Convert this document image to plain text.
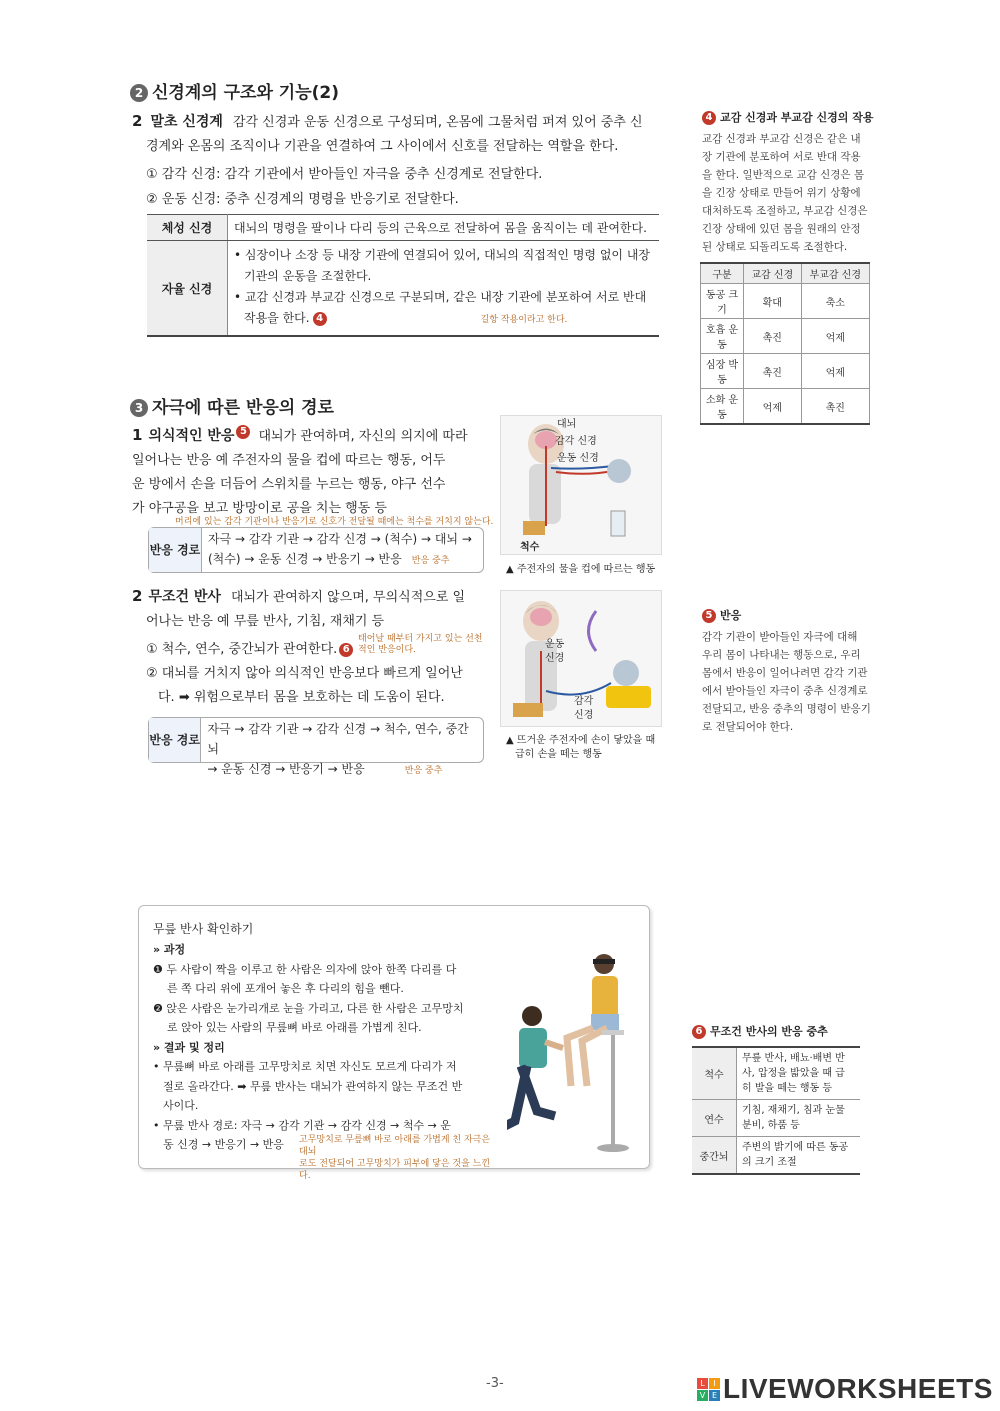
2 신경계의 구조와 기능(2)
2 말초 신경계 감각 신경과 운동 신경으로 구성되며, 온몸에 그물처럼 퍼져 있어 중추 신
경계와 온몸의 조직이나 기관을 연결하여 그 사이에서 신호를 전달하는 역할을 한다.
① 감각 신경: 감각 기관에서 받아들인 자극을 중추 신경계로 전달한다.
② 운동 신경: 중추 신경계의 명령을 반응기로 전달한다.
체성 신경	대뇌의 명령을 팔이나 다리 등의 근육으로 전달하여 몸을 움직이는 데 관여한다.
자율 신경	• 심장이나 소장 등 내장 기관에 연결되어 있어, 대뇌의 직접적인 명령 없이 내장
기관의 운동을 조절한다.
• 교감 신경과 부교감 신경으로 구분되며, 같은 내장 기관에 분포하여 서로 반대
작용을 한다. 4 길항 작용이라고 한다.
3 자극에 따른 반응의 경로
1 의식적인 반응 5 대뇌가 관여하며, 자신의 의지에 따라
일어나는 반응 예 주전자의 물을 컵에 따르는 행동, 어두
운 방에서 손을 더듬어 스위치를 누르는 행동, 야구 선수
가 야구공을 보고 방망이로 공을 치는 행동 등
머리에 있는 감각 기관이나 반응기로 신호가 전달될 때에는 척수를 거치지 않는다.
반응 경로
자극 → 감각 기관 → 감각 신경 → (척수) → 대뇌 →
(척수) → 운동 신경 → 반응기 → 반응 반응 중추
대뇌
감각 신경
운동 신경
척수
▲ 주전자의 물을 컵에 따르는 행동
2 무조건 반사 대뇌가 관여하지 않으며, 무의식적으로 일
어나는 반응 예 무릎 반사, 기침, 재채기 등
① 척수, 연수, 중간뇌가 관여한다. 6
② 대뇌를 거치지 않아 의식적인 반응보다 빠르게 일어난
다. ➡ 위험으로부터 몸을 보호하는 데 도움이 된다.
태어날 때부터 가지고 있는 선천적인 반응이다.
반응 경로
자극 → 감각 기관 → 감각 신경 → 척수, 연수, 중간뇌
→ 운동 신경 → 반응기 → 반응	반응 중추
운동 신경
감각 신경
▲ 뜨거운 주전자에 손이 닿았을 때
급히 손을 떼는 행동
4 교감 신경과 부교감 신경의 작용
교감 신경과 부교감 신경은 같은 내
장 기관에 분포하여 서로 반대 작용
을 한다. 일반적으로 교감 신경은 몸
을 긴장 상태로 만들어 위기 상황에
대처하도록 조절하고, 부교감 신경은
긴장 상태에 있던 몸을 원래의 안정
된 상태로 되돌리도록 조절한다.
구분	교감 신경	부교감 신경
동공 크기	확대	축소
호흡 운동	촉진	억제
심장 박동	촉진	억제
소화 운동	억제	촉진
5 반응
감각 기관이 받아들인 자극에 대해
우리 몸이 나타내는 행동으로, 우리
몸에서 반응이 일어나려면 감각 기관
에서 받아들인 자극이 중추 신경계로
전달되고, 반응 중추의 명령이 반응기
로 전달되어야 한다.
무릎 반사 확인하기
» 과정
❶ 두 사람이 짝을 이루고 한 사람은 의자에 앉아 한쪽 다리를 다
른 쪽 다리 위에 포개어 놓은 후 다리의 힘을 뺀다.
❷ 앉은 사람은 눈가리개로 눈을 가리고, 다른 한 사람은 고무망치
로 앉아 있는 사람의 무릎뼈 바로 아래를 가볍게 친다.
» 결과 및 정리
• 무릎뼈 바로 아래를 고무망치로 치면 자신도 모르게 다리가 저
절로 올라간다. ➡ 무릎 반사는 대뇌가 관여하지 않는 무조건 반
사이다.
• 무릎 반사 경로: 자극 → 감각 기관 → 감각 신경 → 척수 → 운
동 신경 → 반응기 → 반응	고무망치로 무릎뼈 바로 아래를 가볍게 친 자극은 대뇌
로도 전달되어 고무망치가 피부에 닿은 것을 느낀다.
6 무조건 반사의 반응 중추
척수	무릎 반사, 배뇨·배변 반
사, 압정을 밟았을 때 급
히 발을 떼는 행동 등

연수	기침, 재채기, 침과 눈물
분비, 하품 등

중간뇌	주변의 밝기에 따른 동공
의 크기 조절
-3-	L	I
V E LIVEWORKSHEETS
